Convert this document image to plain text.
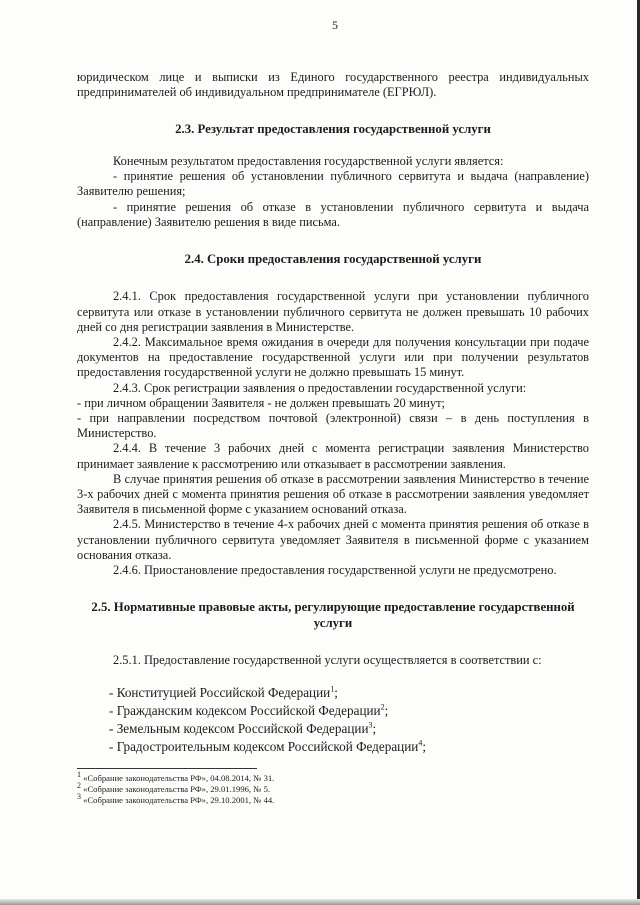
5

юридическом лице и выписки из Единого государственного реестра индивидуальных предпринимателей об индивидуальном предпринимателе (ЕГРЮЛ).

2.3. Результат предоставления государственной услуги

Конечным результатом предоставления государственной услуги является:

- принятие решения об установлении публичного сервитута и выдача (направление) Заявителю решения;

- принятие решения об отказе в установлении публичного сервитута и выдача (направление) Заявителю решения в виде письма.

2.4. Сроки предоставления государственной услуги

2.4.1. Срок предоставления государственной услуги при установлении публичного сервитута или отказе в установлении публичного сервитута не должен превышать 10 рабочих дней со дня регистрации заявления в Министерстве.

2.4.2. Максимальное время ожидания в очереди для получения консультации при подаче документов на предоставление государственной услуги или при получении результатов предоставления государственной услуги не должно превышать 15 минут.

2.4.3. Срок регистрации заявления о предоставлении государственной услуги:

- при личном обращении Заявителя - не должен превышать 20 минут;

- при направлении посредством почтовой (электронной) связи – в день поступления в Министерство.

2.4.4. В течение 3 рабочих дней с момента регистрации заявления Министерство принимает заявление к рассмотрению или отказывает в рассмотрении заявления.

В случае принятия решения об отказе в рассмотрении заявления Министерство в течение 3-х рабочих дней с момента принятия решения об отказе в рассмотрении заявления уведомляет Заявителя в письменной форме с указанием оснований отказа.

2.4.5. Министерство в течение 4-х рабочих дней с момента принятия решения об отказе в установлении публичного сервитута уведомляет Заявителя в письменной форме с указанием основания отказа.

2.4.6. Приостановление предоставления государственной услуги не предусмотрено.

2.5. Нормативные правовые акты, регулирующие предоставление государственной услуги

2.5.1. Предоставление государственной услуги осуществляется в соответствии с:

- Конституцией Российской Федерации$^1$;

- Гражданским кодексом Российской Федерации$^2$;

- Земельным кодексом Российской Федерации$^3$;

- Градостроительным кодексом Российской Федерации$^4$;

$^1$ «Собрание законодательства РФ», 04.08.2014, № 31.

$^2$ «Собрание законодательства РФ», 29.01.1996, № 5.

$^3$ «Собрание законодательства РФ», 29.10.2001, № 44.
